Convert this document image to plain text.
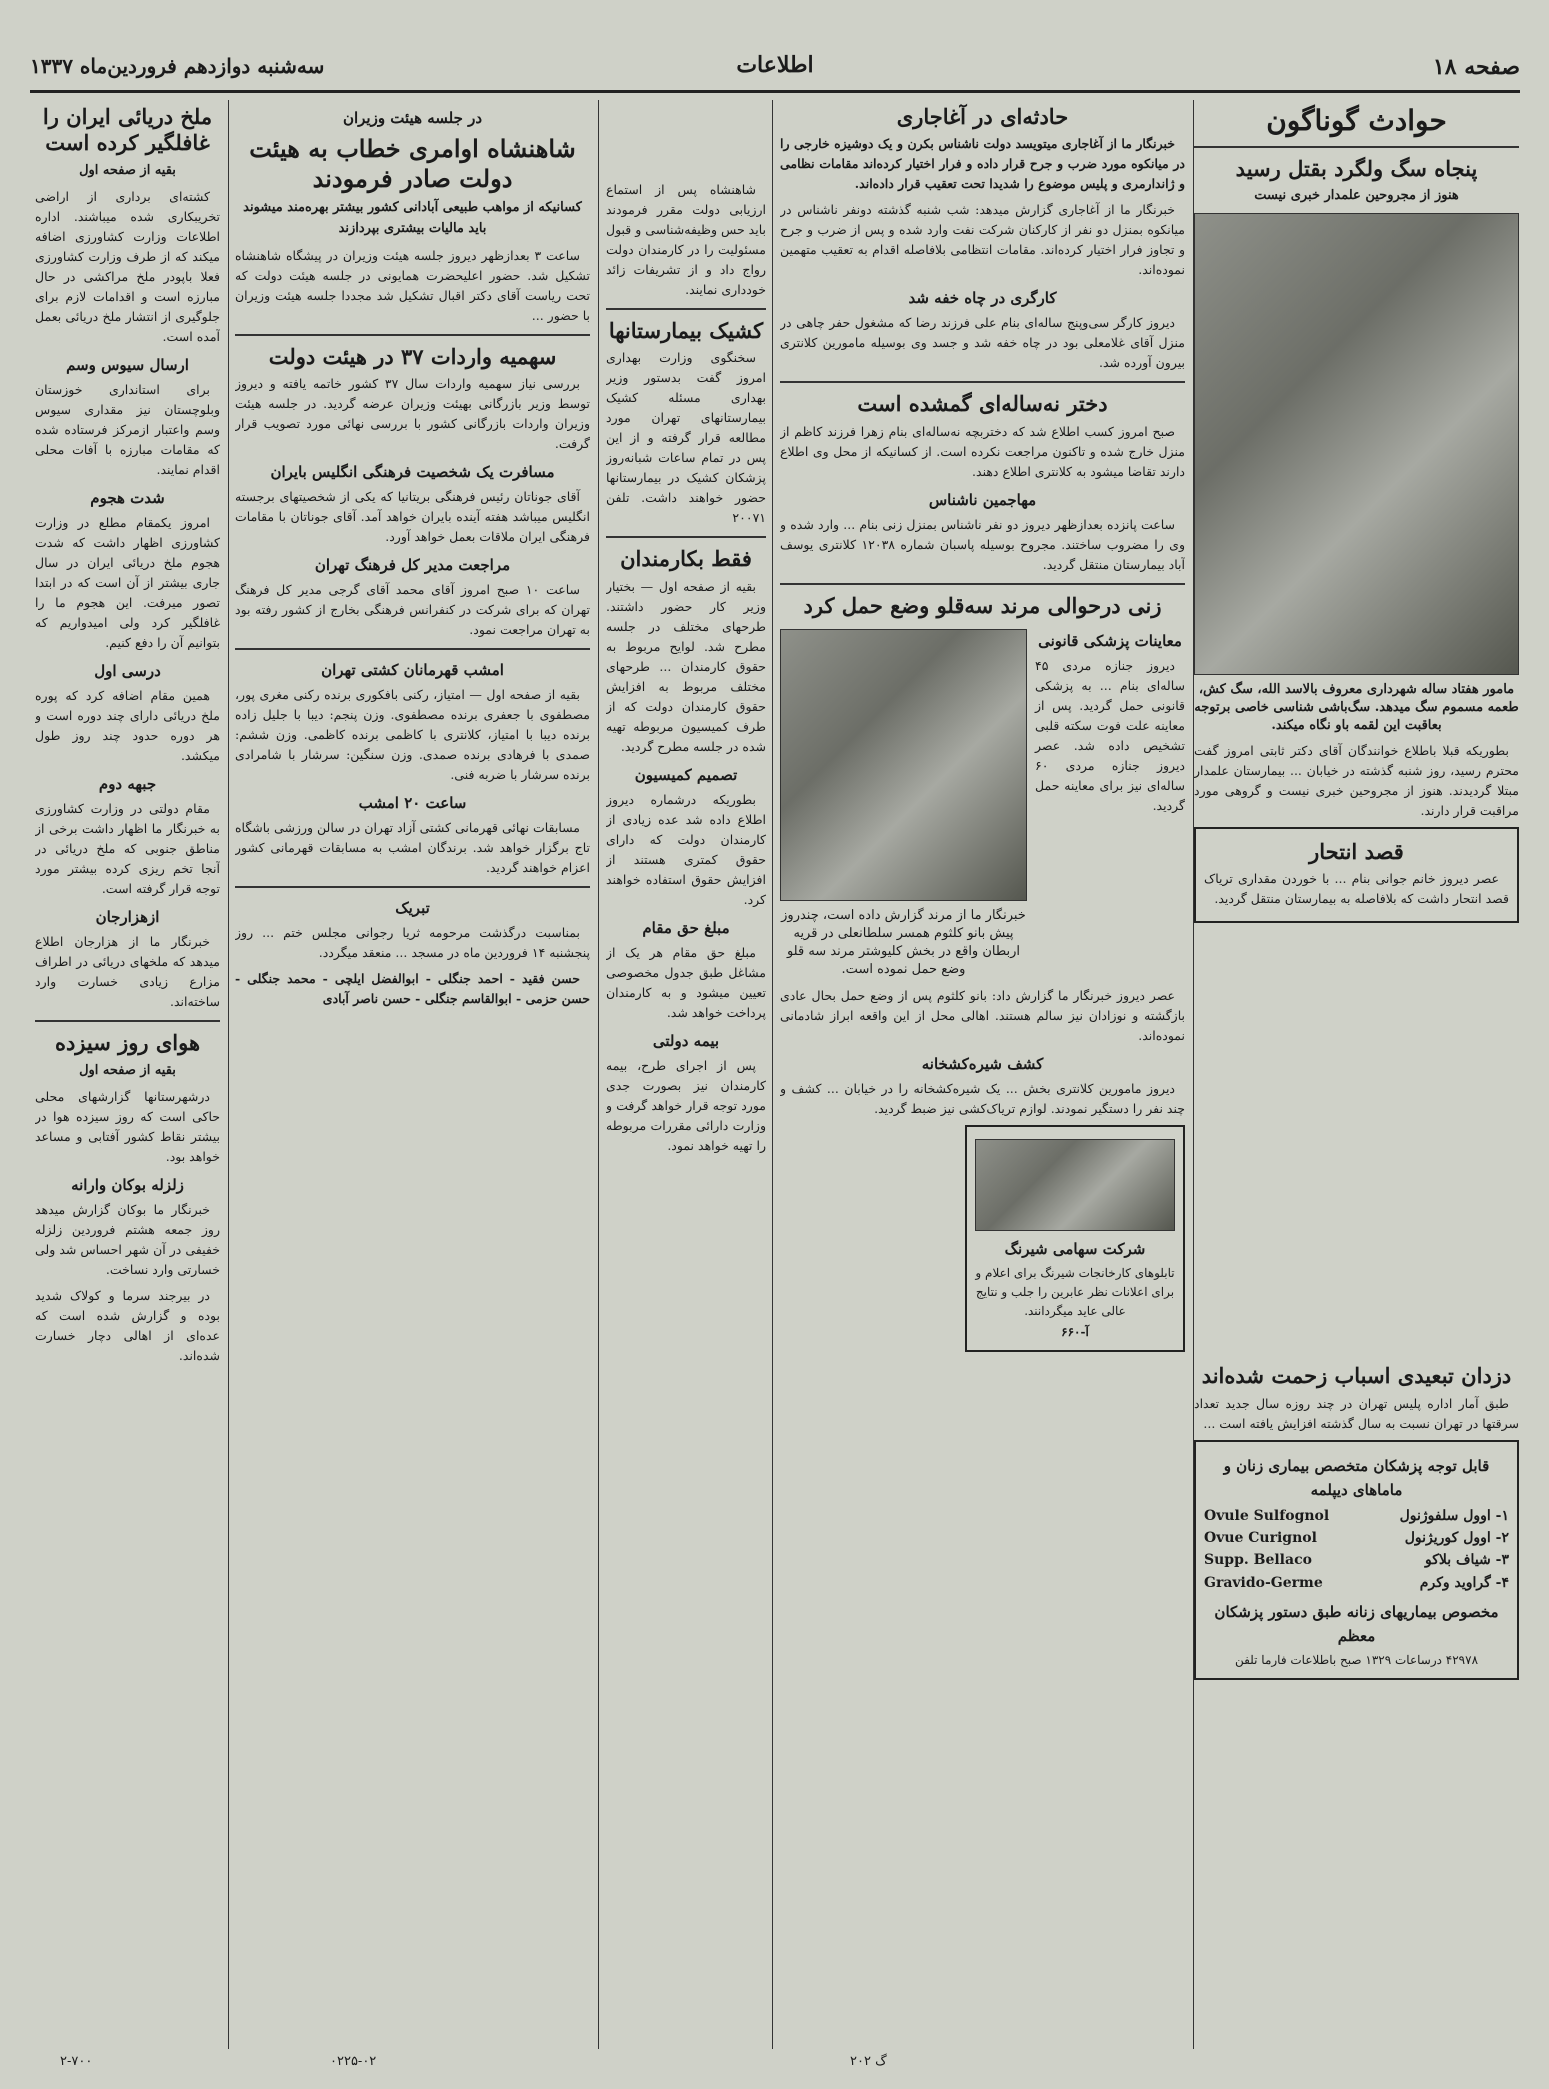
صفحه ۱۸
اطلاعات
سه‌شنبه دوازدهم فروردین‌ماه ۱۳۳۷
حوادث گوناگون
پنجاه سگ ولگرد بقتل رسید
هنوز از مجروحین علمدار خبری نیست
مامور هفتاد ساله شهرداری معروف بالاسد الله، سگ کش، طعمه مسموم سگ میدهد. سگ‌باشی شناسی خاصی برتوجه بعاقبت این لقمه باو نگاه میکند.
بطوریکه قبلا باطلاع خوانندگان آقای دکتر ثابتی امروز گفت محترم رسید، روز شنبه گذشته در خیابان ... بیمارستان علمدار مبتلا گردیدند. هنوز از مجروحین خبری نیست و گروهی مورد مراقبت قرار دارند.
قصد انتحار
عصر دیروز خانم جوانی بنام ... با خوردن مقداری تریاک قصد انتحار داشت که بلافاصله به بیمارستان منتقل گردید.
دزدان تبعیدی اسباب زحمت شده‌اند
طبق آمار اداره پلیس تهران در چند روزه سال جدید تعداد سرقتها در تهران نسبت به سال گذشته افزایش یافته است ...
قابل توجه پزشکان متخصص بیماری زنان و ماماهای دیپلمه
۱- اوول سلفوژنول
Ovule Sulfognol
۲- اوول کوریژنول
Ovue Curignol
۳- شیاف بلاکو
Supp. Bellaco
۴- گراوید وکرم
Gravido-Germe
مخصوص بیماریهای زنانه طبق دستور پزشکان معظم
۴۲۹۷۸ درساعات ۱۳۲۹ صبح باطلاعات فارما تلفن
حادثه‌ای در آغاجاری
خبرنگار ما از آغاجاری میتویسد دولت ناشناس بکرن و یک دوشیزه خارجی را در میانکوه مورد ضرب و جرح قرار داده و فرار اختیار کرده‌اند مقامات نظامی و ژاندارمری و پلیس موضوع را شدیدا تحت تعقیب قرار داده‌اند.
خبرنگار ما از آغاجاری گزارش میدهد: شب شنبه گذشته دونفر ناشناس در میانکوه بمنزل دو نفر از کارکنان شرکت نفت وارد شده و پس از ضرب و جرح و تجاوز فرار اختیار کرده‌اند. مقامات انتظامی بلافاصله اقدام به تعقیب متهمین نموده‌اند.
کارگری در چاه خفه شد
دیروز کارگر سی‌وپنج ساله‌ای بنام علی فرزند رضا که مشغول حفر چاهی در منزل آقای غلامعلی بود در چاه خفه شد و جسد وی بوسیله مامورین کلانتری بیرون آورده شد.
دختر نه‌ساله‌ای گمشده است
صبح امروز کسب اطلاع شد که دختربچه نه‌ساله‌ای بنام زهرا فرزند کاظم از منزل خارج شده و تاکنون مراجعت نکرده است. از کسانیکه از محل وی اطلاع دارند تقاضا میشود به کلانتری اطلاع دهند.
مهاجمین ناشناس
ساعت پانزده بعدازظهر دیروز دو نفر ناشناس بمنزل زنی بنام ... وارد شده و وی را مضروب ساختند. مجروح بوسیله پاسبان شماره ۱۲۰۳۸ کلانتری یوسف آباد بیمارستان منتقل گردید.
زنی درحوالی مرند سه‌قلو وضع حمل کرد
معاینات پزشکی قانونی
دیروز جنازه مردی ۴۵ ساله‌ای بنام ... به پزشکی قانونی حمل گردید. پس از معاینه علت فوت سکته قلبی تشخیص داده شد. عصر دیروز جنازه مردی ۶۰ ساله‌ای نیز برای معاینه حمل گردید.
خبرنگار ما از مرند گزارش داده است، چندروز پیش بانو کلثوم همسر سلطانعلی در قریه اربطان واقع در بخش کلیوشتر مرند سه قلو وضع حمل نموده است.
عصر دیروز خبرنگار ما گزارش داد: بانو کلثوم پس از وضع حمل بحال عادی بازگشته و نوزادان نیز سالم هستند. اهالی محل از این واقعه ابراز شادمانی نموده‌اند.
کشف شیره‌کشخانه
دیروز مامورین کلانتری بخش ... یک شیره‌کشخانه را در خیابان ... کشف و چند نفر را دستگیر نمودند. لوازم تریاک‌کشی نیز ضبط گردید.
شرکت سهامی شیرنگ
تابلوهای کارخانجات شیرنگ برای اعلام و برای اعلانات نظر عابرین را جلب و نتایج عالی عاید میگردانند.
آ-۶۶۰
در جلسه هیئت وزیران
شاهنشاه اوامری خطاب به هیئت دولت صادر فرمودند
کسانیکه از مواهب طبیعی آبادانی کشور بیشتر بهره‌مند میشوند باید مالیات بیشتری بپردازند
ساعت ۳ بعدازظهر دیروز جلسه هیئت وزیران در پیشگاه شاهنشاه تشکیل شد. حضور اعلیحضرت همایونی در جلسه هیئت دولت که تحت ریاست آقای دکتر اقبال تشکیل شد مجددا جلسه هیئت وزیران با حضور ...
سهمیه واردات ۳۷ در هیئت دولت
بررسی نیاز سهمیه واردات سال ۳۷ کشور خاتمه یافته و دیروز توسط وزیر بازرگانی بهیئت وزیران عرضه گردید. در جلسه هیئت وزیران واردات بازرگانی کشور با بررسی نهائی مورد تصویب قرار گرفت.
مسافرت یک شخصیت فرهنگی انگلیس بایران
آقای جوناتان رئیس فرهنگی بریتانیا که یکی از شخصیتهای برجسته انگلیس میباشد هفته آینده بایران خواهد آمد. آقای جوناتان با مقامات فرهنگی ایران ملاقات بعمل خواهد آورد.
مراجعت مدیر کل فرهنگ تهران
ساعت ۱۰ صبح امروز آقای محمد آقای گرجی مدیر کل فرهنگ تهران که برای شرکت در کنفرانس فرهنگی بخارج از کشور رفته بود به تهران مراجعت نمود.
امشب قهرمانان کشتی تهران
بقیه از صفحه اول — امتیاز، رکنی بافکوری برنده رکنی مغری پور، مصطفوی با جعفری برنده مصطفوی. وزن پنجم: دیبا با جلیل زاده برنده دیبا با امتیاز، کلانتری با کاظمی برنده کاظمی. وزن ششم: صمدی با فرهادی برنده صمدی. وزن سنگین: سرشار با شامرادی برنده سرشار با ضربه فنی.
ساعت ۲۰ امشب
مسابقات نهائی قهرمانی کشتی آزاد تهران در سالن ورزشی باشگاه تاج برگزار خواهد شد. برندگان امشب به مسابقات قهرمانی کشور اعزام خواهند گردید.
تبریک
بمناسبت درگذشت مرحومه ثریا رجوانی مجلس ختم ... روز پنجشنبه ۱۴ فروردین ماه در مسجد ... منعقد میگردد.
حسن فقید - احمد جنگلی - ابوالفضل ایلچی - محمد جنگلی - حسن حزمی - ابوالقاسم جنگلی - حسن ناصر آبادی
شاهنشاه پس از استماع ارزیابی دولت مقرر فرمودند باید حس وظیفه‌شناسی و قبول مسئولیت را در کارمندان دولت رواج داد و از تشریفات زائد خودداری نمایند.
کشیک بیمارستانها
سخنگوی وزارت بهداری امروز گفت بدستور وزیر بهداری مسئله کشیک بیمارستانهای تهران مورد مطالعه قرار گرفته و از این پس در تمام ساعات شبانه‌روز پزشکان کشیک در بیمارستانها حضور خواهند داشت. تلفن ۲۰۰۷۱
فقط بکارمندان
بقیه از صفحه اول — بختیار وزیر کار حضور داشتند. طرحهای مختلف در جلسه مطرح شد. لوایح مربوط به حقوق کارمندان ... طرحهای مختلف مربوط به افزایش حقوق کارمندان دولت که از طرف کمیسیون مربوطه تهیه شده در جلسه مطرح گردید.
تصمیم کمیسیون
بطوریکه درشماره دیروز اطلاع داده شد عده زیادی از کارمندان دولت که دارای حقوق کمتری هستند از افزایش حقوق استفاده خواهند کرد.
مبلغ حق مقام
مبلغ حق مقام هر یک از مشاغل طبق جدول مخصوصی تعیین میشود و به کارمندان پرداخت خواهد شد.
بیمه دولتی
پس از اجرای طرح، بیمه کارمندان نیز بصورت جدی مورد توجه قرار خواهد گرفت و وزارت دارائی مقررات مربوطه را تهیه خواهد نمود.
ملخ دریائی ایران را غافلگیر کرده است
بقیه از صفحه اول
کشته‌ای برداری از اراضی تخریبکاری شده میباشند. اداره اطلاعات وزارت کشاورزی اضافه میکند که از طرف وزارت کشاورزی فعلا باپودر ملخ مراکشی در حال مبارزه است و اقدامات لازم برای جلوگیری از انتشار ملخ دریائی بعمل آمده است.
ارسال سیوس وسم
برای استانداری خوزستان وبلوچستان نیز مقداری سیوس وسم واعتبار ازمرکز فرستاده شده که مقامات مبارزه با آفات محلی اقدام نمایند.
شدت هجوم
امروز یکمقام مطلع در وزارت کشاورزی اظهار داشت که شدت هجوم ملخ دریائی ایران در سال جاری بیشتر از آن است که در ابتدا تصور میرفت. این هجوم ما را غافلگیر کرد ولی امیدواریم که بتوانیم آن را دفع کنیم.
درسی اول
همین مقام اضافه کرد که پوره ملخ دریائی دارای چند دوره است و هر دوره حدود چند روز طول میکشد.
جبهه دوم
مقام دولتی در وزارت کشاورزی به خبرنگار ما اظهار داشت برخی از مناطق جنوبی که ملخ دریائی در آنجا تخم ریزی کرده بیشتر مورد توجه قرار گرفته است.
ازهزارجان
خبرنگار ما از هزارجان اطلاع میدهد که ملخهای دریائی در اطراف مزارع زیادی خسارت وارد ساخته‌اند.
هوای روز سیزده
بقیه از صفحه اول
درشهرستانها گزارشهای محلی حاکی است که روز سیزده هوا در بیشتر نقاط کشور آفتابی و مساعد خواهد بود.
زلزله بوکان وارانه
خبرنگار ما بوکان گزارش میدهد روز جمعه هشتم فروردین زلزله خفیفی در آن شهر احساس شد ولی خسارتی وارد نساخت.
در بیرجند سرما و کولاک شدید بوده و گزارش شده است که عده‌ای از اهالی دچار خسارت شده‌اند.
۲-۷۰۰	۰۲۲۵-۰۲	گ ۲۰۲
